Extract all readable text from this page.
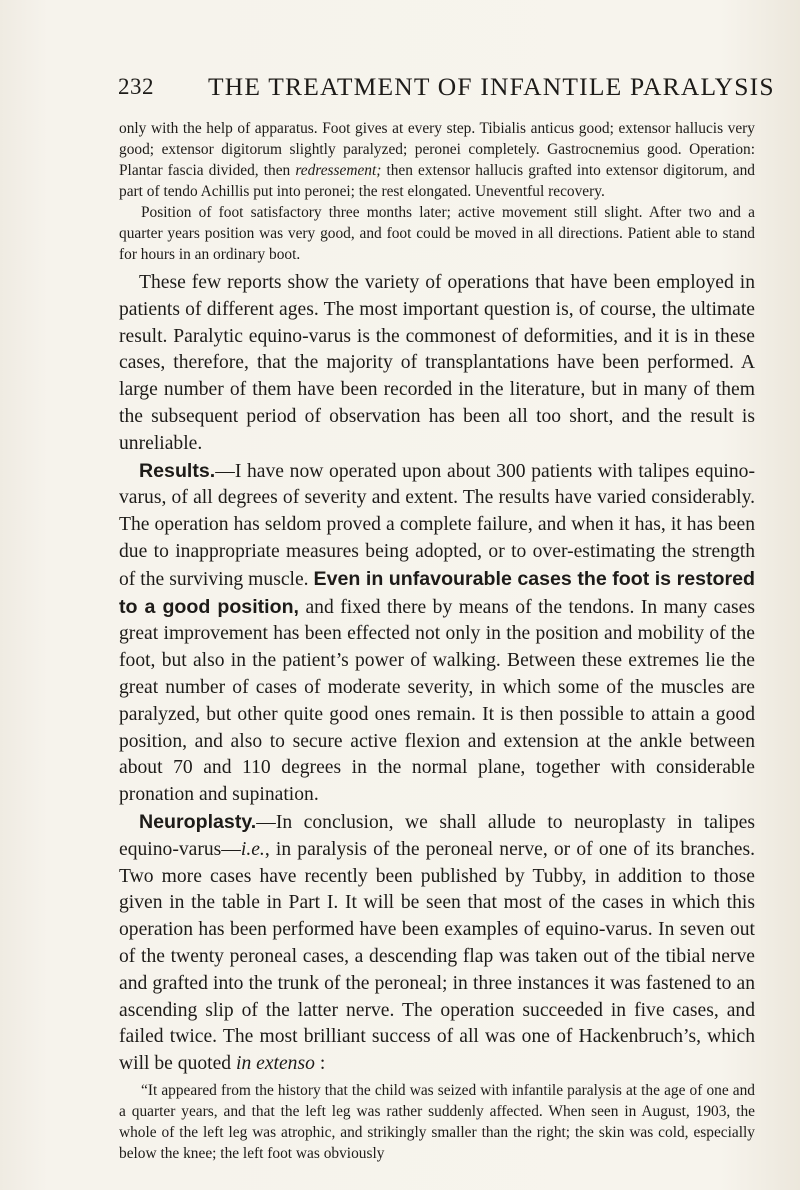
232 THE TREATMENT OF INFANTILE PARALYSIS

only with the help of apparatus. Foot gives at every step. Tibialis anticus good; extensor hallucis very good; extensor digitorum slightly paralyzed; peronei completely. Gastrocnemius good. Operation: Plantar fascia divided, then redressement; then extensor hallucis grafted into extensor digitorum, and part of tendo Achillis put into peronei; the rest elongated. Uneventful recovery.

Position of foot satisfactory three months later; active movement still slight. After two and a quarter years position was very good, and foot could be moved in all directions. Patient able to stand for hours in an ordinary boot.

These few reports show the variety of operations that have been employed in patients of different ages. The most important question is, of course, the ultimate result. Paralytic equino-varus is the commonest of deformities, and it is in these cases, therefore, that the majority of transplantations have been performed. A large number of them have been recorded in the literature, but in many of them the subsequent period of observation has been all too short, and the result is unreliable.

Results.—I have now operated upon about 300 patients with talipes equino-varus, of all degrees of severity and extent. The results have varied considerably. The operation has seldom proved a complete failure, and when it has, it has been due to inappropriate measures being adopted, or to over-estimating the strength of the surviving muscle. Even in unfavourable cases the foot is restored to a good position, and fixed there by means of the tendons. In many cases great improvement has been effected not only in the position and mobility of the foot, but also in the patient’s power of walking. Between these extremes lie the great number of cases of moderate severity, in which some of the muscles are paralyzed, but other quite good ones remain. It is then possible to attain a good position, and also to secure active flexion and extension at the ankle between about 70 and 110 degrees in the normal plane, together with considerable pronation and supination.

Neuroplasty.—In conclusion, we shall allude to neuroplasty in talipes equino-varus—i.e., in paralysis of the peroneal nerve, or of one of its branches. Two more cases have recently been published by Tubby, in addition to those given in the table in Part I. It will be seen that most of the cases in which this operation has been performed have been examples of equino-varus. In seven out of the twenty peroneal cases, a descending flap was taken out of the tibial nerve and grafted into the trunk of the peroneal; in three instances it was fastened to an ascending slip of the latter nerve. The operation succeeded in five cases, and failed twice. The most brilliant success of all was one of Hackenbruch’s, which will be quoted in extenso :

“It appeared from the history that the child was seized with infantile paralysis at the age of one and a quarter years, and that the left leg was rather suddenly affected. When seen in August, 1903, the whole of the left leg was atrophic, and strikingly smaller than the right; the skin was cold, especially below the knee; the left foot was obviously
